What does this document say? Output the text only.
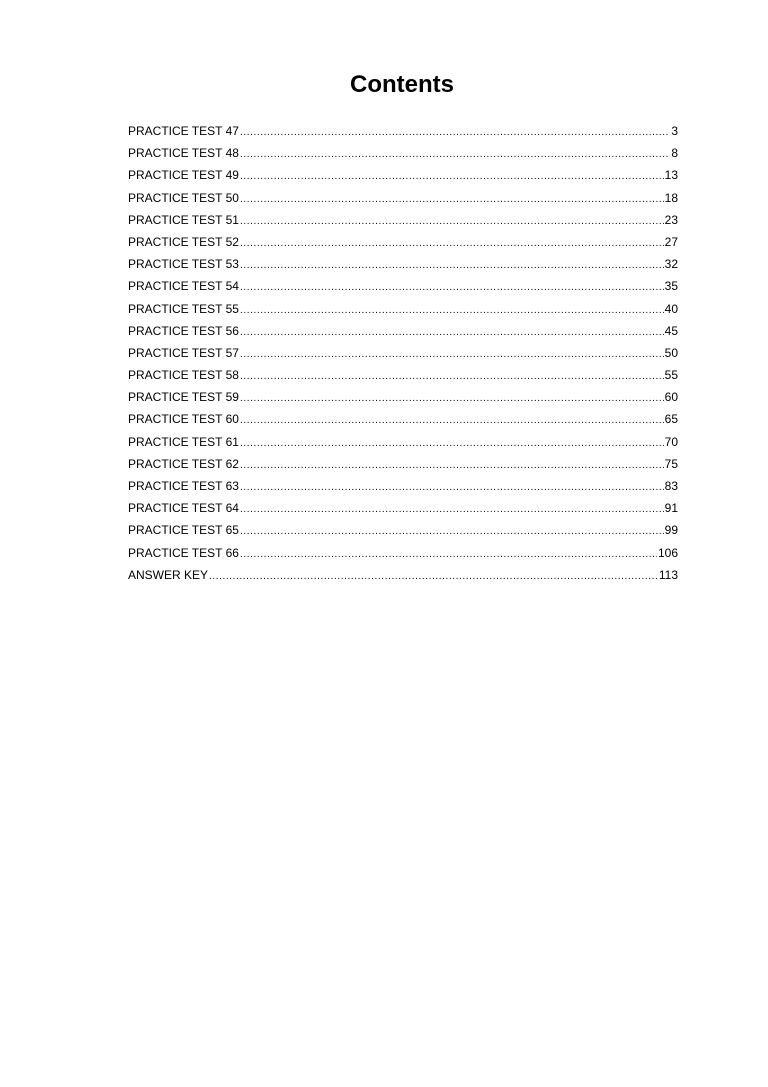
Contents
PRACTICE TEST 47 .....	3
PRACTICE TEST 48 .....	8
PRACTICE TEST 49 .....	13
PRACTICE TEST 50 .....	18
PRACTICE TEST 51 .....	23
PRACTICE TEST 52 .....	27
PRACTICE TEST 53 .....	32
PRACTICE TEST 54 .....	35
PRACTICE TEST 55 .....	40
PRACTICE TEST 56 .....	45
PRACTICE TEST 57 .....	50
PRACTICE TEST 58 .....	55
PRACTICE TEST 59 .....	60
PRACTICE TEST 60 .....	65
PRACTICE TEST 61 .....	70
PRACTICE TEST 62 .....	75
PRACTICE TEST 63 .....	83
PRACTICE TEST 64 .....	91
PRACTICE TEST 65 .....	99
PRACTICE TEST 66 .....	106
ANSWER KEY .....	113
